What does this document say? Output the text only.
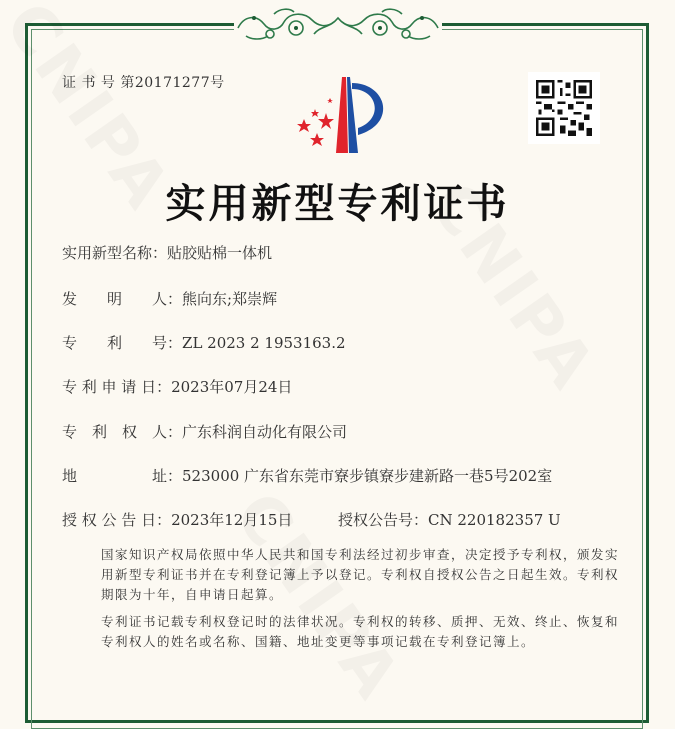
证 书 号 第20171277号
实用新型专利证书
实用新型名称：贴胶贴棉一体机
发　　明　　人：熊向东;郑崇辉
专　　利　　号：ZL 2023 2 1953163.2
专 利 申 请 日：2023年07月24日
专　利　权　人：广东科润自动化有限公司
地　　　　　址：523000 广东省东莞市寮步镇寮步建新路一巷5号202室
授 权 公 告 日：2023年12月15日	授权公告号：CN 220182357 U
国家知识产权局依照中华人民共和国专利法经过初步审查，决定授予专利权，颁发实用新型专利证书并在专利登记簿上予以登记。专利权自授权公告之日起生效。专利权期限为十年，自申请日起算。
专利证书记载专利权登记时的法律状况。专利权的转移、质押、无效、终止、恢复和专利权人的姓名或名称、国籍、地址变更等事项记载在专利登记簿上。
